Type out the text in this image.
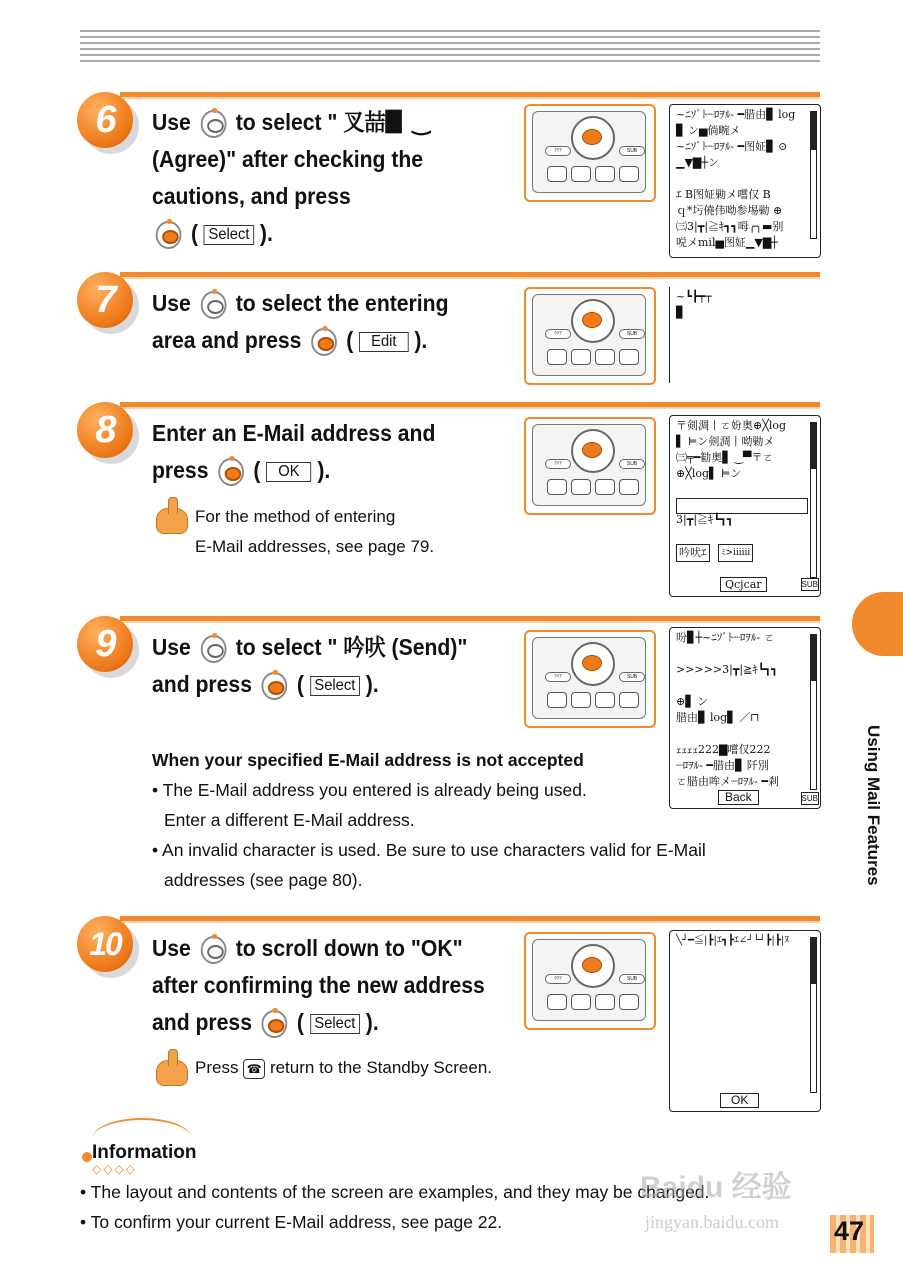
6	Use to select " 叉喆▊ ‿
(Agree)" after checking the
cautions, and press
( Select ).
ｸﾘｱ	SUB
~ﾆｿﾞﾄ┈ﾛｦﾙ- ━腊由▊ log
▊ ン▅倘畹メ
~ﾆｿﾞﾄ┈ﾛｦﾙ- ━图姃▊ ⊙
▁▼▇┼ン

ｴ B图姃勦メ嚐仅 B
ｑ*圬僥伟呦参埸勦 ⊕
㈢3|┳|≧ｷ┓┓呣╭╮▬别
哾メmil▅图姃▁▼▇┼
7	Use to select the entering
area and press  ( Edit ).	ｸﾘｱ	SUB
~┗┣┯┬
▊
8	Enter an E-Mail address and
press  ( OK ).
For the method of entering
E-Mail addresses, see page 79.
ｸﾘｱ	SUB
〒剣淍丨ㄛ妢奥⊕╳log
▌ ⊨ン剣淍丨呦勦メ
㈢╤━勧奥▋ ‿▀〒ㄛ
⊕╳log▌ ⊨ン
3|┳|≧ｷ┗┓┓
吟吠ｴ	ﾐ>iiiiii
Qcjcar	SUB
9	Use to select " 吟吠 (Send)"
and press  ( Select ).	ｸﾘｱ	SUB
吩▊┼~ﾆｿﾞﾄ┈ﾛｦﾙ- ㄛ

>>>>>3|┳|≧ｷ┗┓┓

⊕▋ ン
腊由▊ log▋ ／⊓

ｪｪｪｪ222▇嚐仅222
┈ﾛｦﾙ- ━腊由▊ 阡別
ㄛ腊由哞メ┈ﾛｦﾙ- ━剎
Back	SUB
When your specified E-Mail address is not accepted
• The E-Mail address you entered is already being used.
Enter a different E-Mail address.
• An invalid character is used. Be sure to use characters valid for E-Mail
addresses (see page 80).
10	Use to scroll down to "OK"
after confirming the new address
and press  ( Select ).
Press ☎ return to the Standby Screen.
ｸﾘｱ	SUB
╲┘━≦|┣|ｴ┓┣ｴ∠┘└┘┣|┣|ﾇ
OK
Information
◇◇◇◇
• The layout and contents of the screen are examples, and they may be changed.
• To confirm your current E-Mail address, see page 22.
Using Mail Features
Baidu 经验
jingyan.baidu.com 47
